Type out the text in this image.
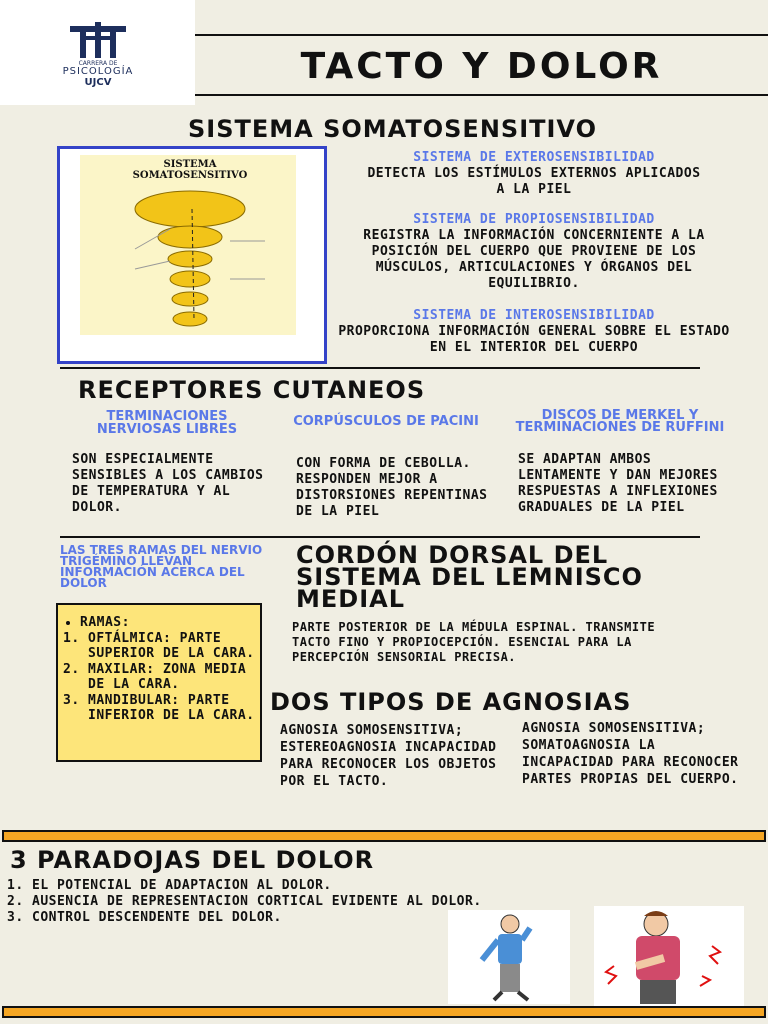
CARRERA DE
PSICOLOGÍA
UJCV	TACTO Y DOLOR
SISTEMA SOMATOSENSITIVO
SISTEMA SOMATOSENSITIVO
SISTEMA DE EXTEROSENSIBILIDAD
DETECTA LOS ESTÍMULOS EXTERNOS APLICADOS A LA PIEL
SISTEMA DE PROPIOSENSIBILIDAD
REGISTRA LA INFORMACIÓN CONCERNIENTE A LA POSICIÓN DEL CUERPO QUE PROVIENE DE LOS MÚSCULOS, ARTICULACIONES Y ÓRGANOS DEL EQUILIBRIO.
SISTEMA DE INTEROSENSIBILIDAD
PROPORCIONA INFORMACIÓN GENERAL SOBRE EL ESTADO EN EL INTERIOR DEL CUERPO
RECEPTORES CUTANEOS
TERMINACIONES NERVIOSAS LIBRES
SON ESPECIALMENTE SENSIBLES A LOS CAMBIOS DE TEMPERATURA Y AL DOLOR.
CORPÚSCULOS DE PACINI
CON FORMA DE CEBOLLA. RESPONDEN MEJOR A DISTORSIONES REPENTINAS DE LA PIEL
DISCOS DE MERKEL Y TERMINACIONES DE RUFFINI
SE ADAPTAN AMBOS LENTAMENTE Y DAN MEJORES RESPUESTAS A INFLEXIONES GRADUALES DE LA PIEL
LAS TRES RAMAS DEL NERVIO TRIGÉMINO LLEVAN INFORMACIÓN ACERCA DEL DOLOR
• RAMAS:
1. OFTÁLMICA: PARTE SUPERIOR DE LA CARA.
2. MAXILAR: ZONA MEDIA DE LA CARA.
3. MANDIBULAR: PARTE INFERIOR DE LA CARA.
CORDÓN DORSAL DEL SISTEMA DEL LEMNISCO MEDIAL
PARTE POSTERIOR DE LA MÉDULA ESPINAL. TRANSMITE TACTO FINO Y PROPIOCEPCIÓN. ESENCIAL PARA LA PERCEPCIÓN SENSORIAL PRECISA.
DOS TIPOS DE AGNOSIAS
AGNOSIA SOMOSENSITIVA; ESTEREOAGNOSIA INCAPACIDAD PARA RECONOCER LOS OBJETOS POR EL TACTO.
AGNOSIA SOMOSENSITIVA; SOMATOAGNOSIA LA INCAPACIDAD PARA RECONOCER PARTES PROPIAS DEL CUERPO.
3 PARADOJAS DEL DOLOR
1. EL POTENCIAL DE ADAPTACION AL DOLOR.
2. AUSENCIA DE REPRESENTACION CORTICAL EVIDENTE AL DOLOR.
3. CONTROL DESCENDENTE DEL DOLOR.
